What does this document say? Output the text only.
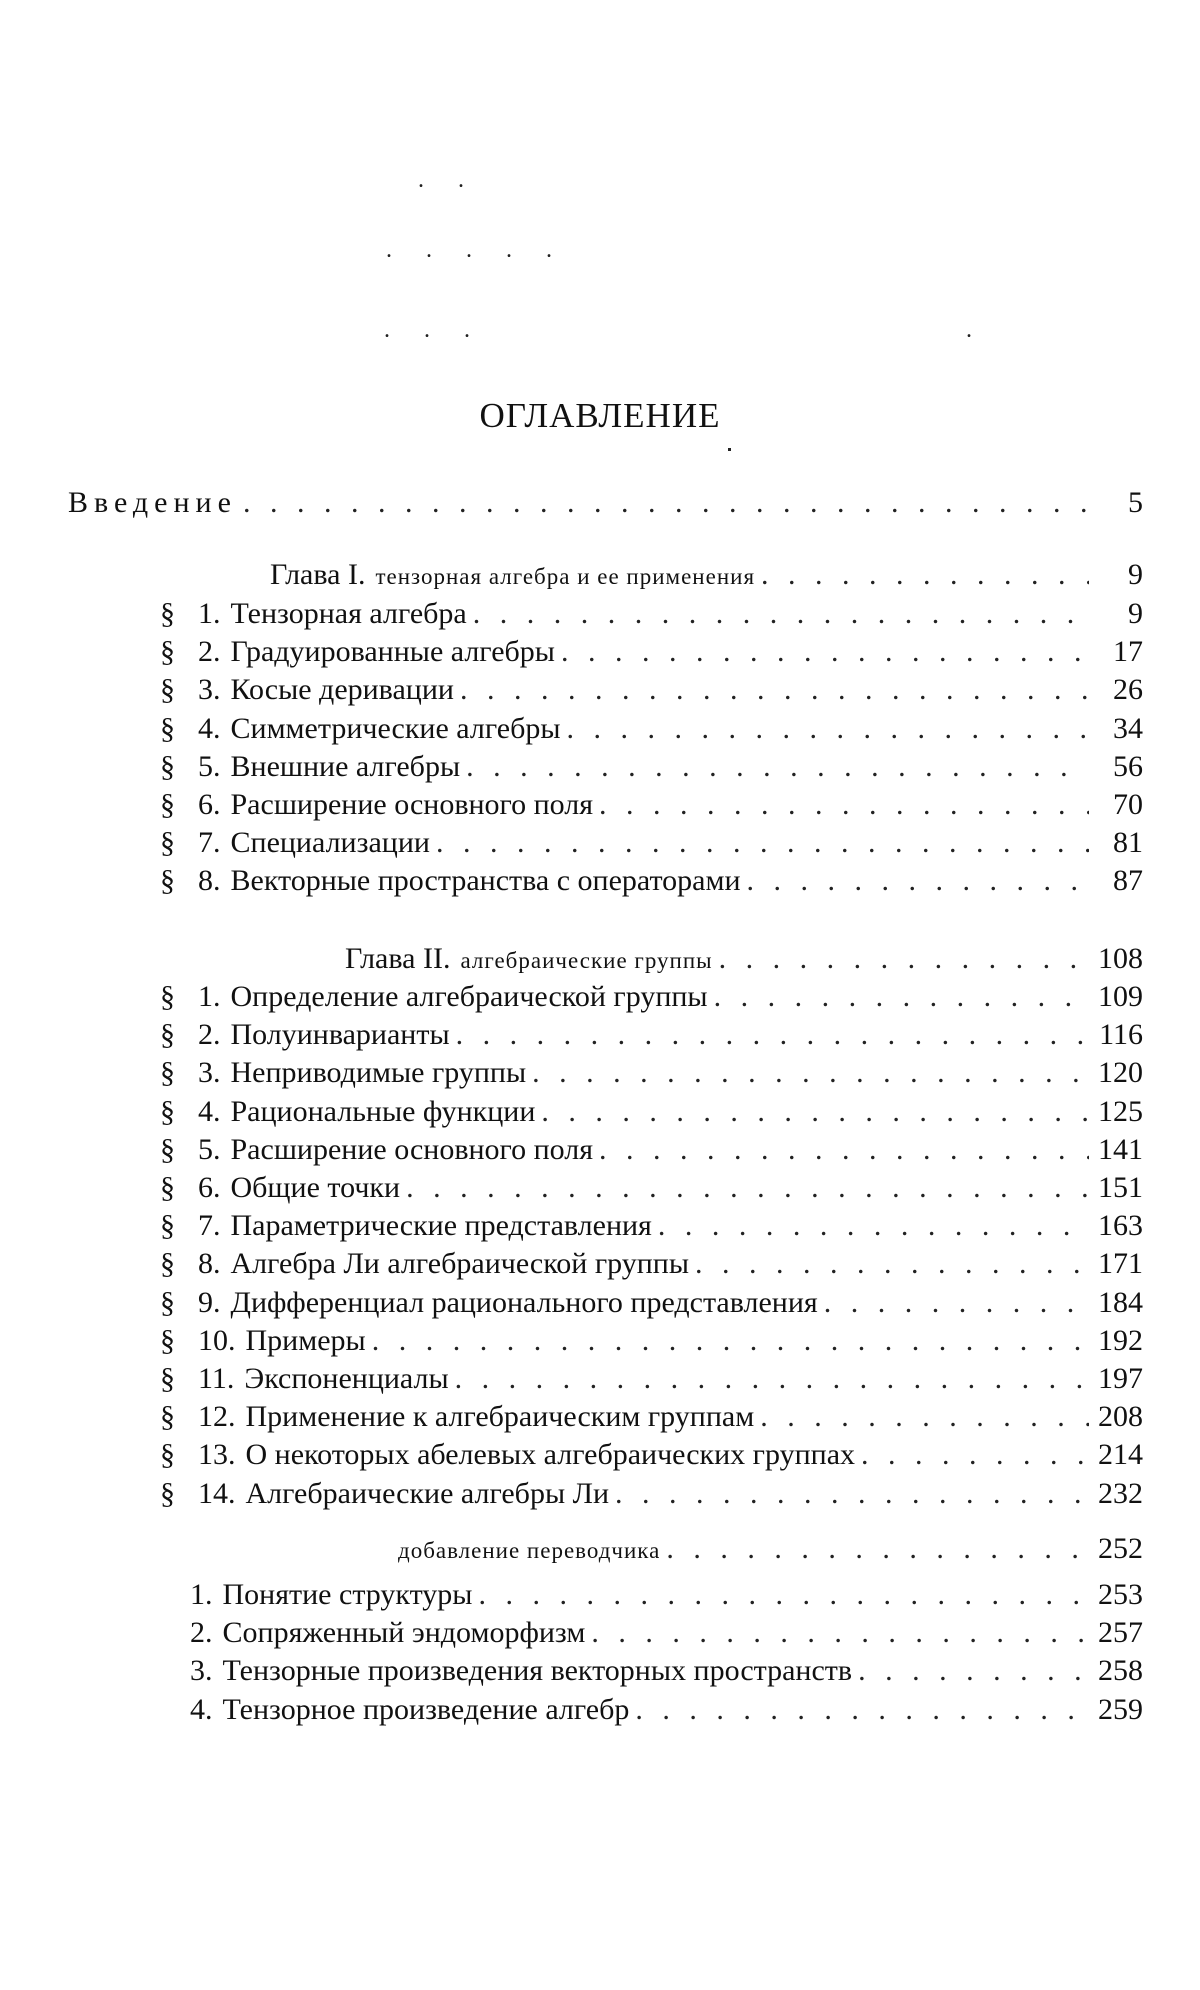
. .
. . . . .
. . .	.
ОГЛАВЛЕНИЕ
Введение . . .	5
Глава I. тензорная алгебра и ее применения . . .	9
§ 1. Тензорная алгебра . . .	9
§ 2. Градуированные алгебры . . .	17
§ 3. Косые деривации . . .	26
§ 4. Симметрические алгебры . . .	34
§ 5. Внешние алгебры . . .	56
§ 6. Расширение основного поля . . .	70
§ 7. Специализации . . .	81
§ 8. Векторные пространства с операторами . . .	87
Глава II. алгебраические группы . . .	108
§ 1. Определение алгебраической группы . . .	109
§ 2. Полуинварианты . . .	116
§ 3. Неприводимые группы . . .	120
§ 4. Рациональные функции . . .	125
§ 5. Расширение основного поля . . .	141
§ 6. Общие точки . . .	151
§ 7. Параметрические представления . . .	163
§ 8. Алгебра Ли алгебраической группы . . .	171
§ 9. Дифференциал рационального представления . . .	184
§ 10. Примеры . . .	192
§ 11. Экспоненциалы . . .	197
§ 12. Применение к алгебраическим группам . . .	208
§ 13. О некоторых абелевых алгебраических группах . . .	214
§ 14. Алгебраические алгебры Ли . . .	232
добавление переводчика . . .	252
1. Понятие структуры . . .	253
2. Сопряженный эндоморфизм . . .	257
3. Тензорные произведения векторных пространств . . .	258
4. Тензорное произведение алгебр . . .	259
